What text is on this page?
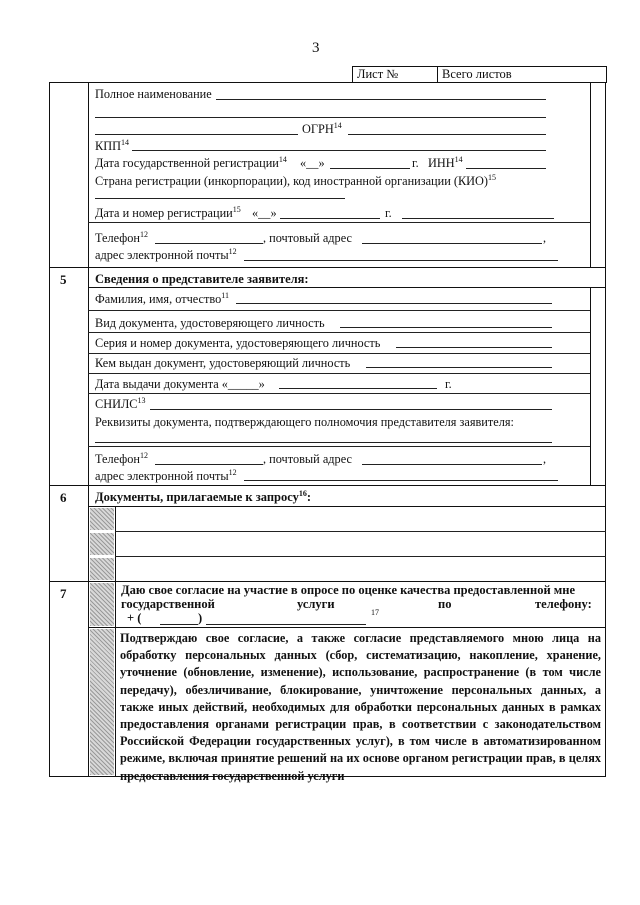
3
Лист №	Всего листов
Полное наименование
ОГРН$^{14}$
КПП$^{14}$
Дата государственной регистрации$^{14}$ «__»	г. ИНН$^{14}$
Страна регистрации (инкорпорации), код иностранной организации (КИО)$^{15}$
Дата и номер регистрации$^{15}$ «__»	г.
Телефон$^{12}$	, почтовый адрес	,
адрес электронной почты$^{12}$
5 Сведения о представителе заявителя:
Фамилия, имя, отчество$^{11}$
Вид документа, удостоверяющего личность
Серия и номер документа, удостоверяющего личность
Кем выдан документ, удостоверяющий личность
Дата выдачи документа «_____»	г.
СНИЛС$^{13}$
Реквизиты документа, подтверждающего полномочия представителя заявителя:
Телефон$^{12}$	, почтовый адрес	,
адрес электронной почты$^{12}$
6 Документы, прилагаемые к запросу$^{16}$:
7	Даю свое согласие на участие в опросе по оценке качества предоставленной мне
государственной	услуги	по	телефону:
+ (	)	17
Подтверждаю свое согласие, а также согласие представляемого мною лица на обработку персональных данных (сбор, систематизацию, накопление, хранение, уточнение (обновление, изменение), использование, распространение (в том числе передачу), обезличивание, блокирование, уничтожение персональных данных, а также иных действий, необходимых для обработки персональных данных в рамках предоставления органами регистрации прав, в соответствии с законодательством Российской Федерации государственных услуг), в том числе в автоматизированном режиме, включая принятие решений на их основе органом регистрации прав, в целях предоставления государственной услуги
